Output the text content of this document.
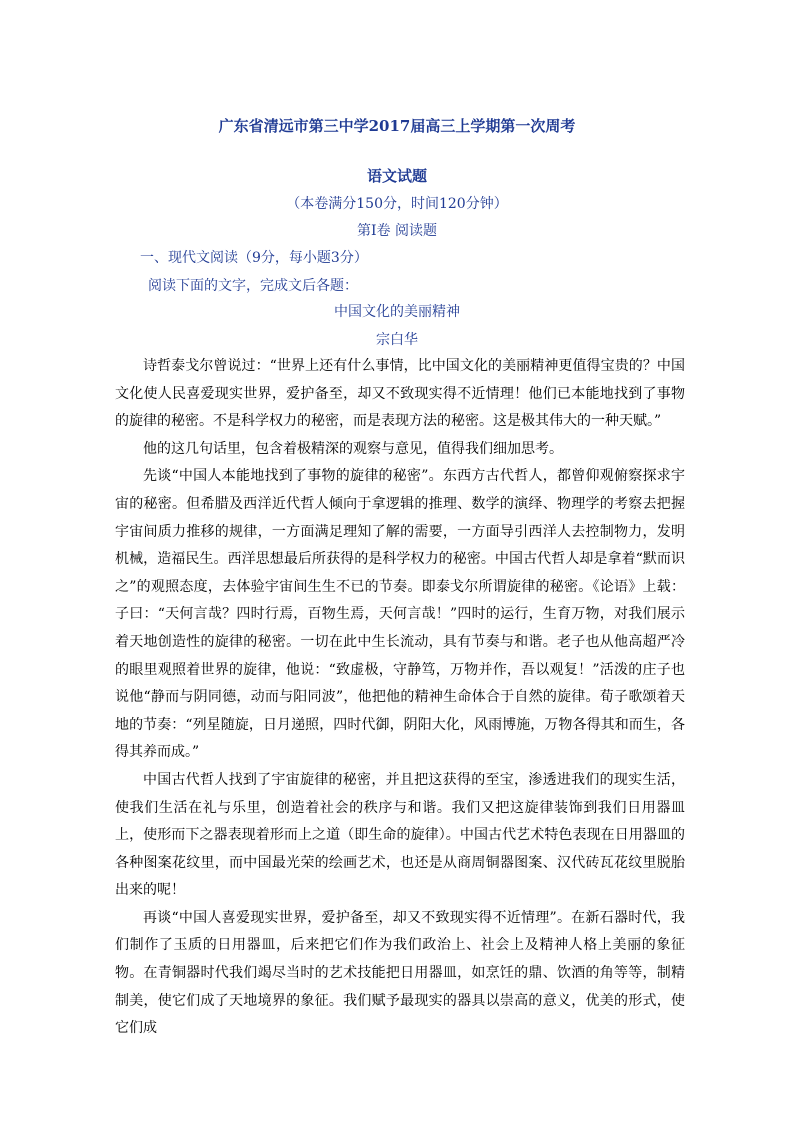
广东省清远市第三中学2017届高三上学期第一次周考
语文试题
（本卷满分150分，时间120分钟）
第Ⅰ卷 阅读题
一、现代文阅读（9分，每小题3分）
阅读下面的文字，完成文后各题：
中国文化的美丽精神
宗白华

诗哲泰戈尔曾说过：“世界上还有什么事情，比中国文化的美丽精神更值得宝贵的？中国文化使人民喜爱现实世界，爱护备至，却又不致现实得不近情理！他们已本能地找到了事物的旋律的秘密。不是科学权力的秘密，而是表现方法的秘密。这是极其伟大的一种天赋。”

他的这几句话里，包含着极精深的观察与意见，值得我们细加思考。

先谈“中国人本能地找到了事物的旋律的秘密”。东西方古代哲人，都曾仰观俯察探求宇宙的秘密。但希腊及西洋近代哲人倾向于拿逻辑的推理、数学的演绎、物理学的考察去把握宇宙间质力推移的规律，一方面满足理知了解的需要，一方面导引西洋人去控制物力，发明机械，造福民生。西洋思想最后所获得的是科学权力的秘密。中国古代哲人却是拿着“默而识之”的观照态度，去体验宇宙间生生不已的节奏。即泰戈尔所谓旋律的秘密。《论语》上载：子曰：“天何言哉？四时行焉，百物生焉，天何言哉！”四时的运行，生育万物，对我们展示着天地创造性的旋律的秘密。一切在此中生长流动，具有节奏与和谐。老子也从他高超严冷的眼里观照着世界的旋律，他说：“致虚极，守静笃，万物并作，吾以观复！”活泼的庄子也说他“静而与阴同德，动而与阳同波”，他把他的精神生命体合于自然的旋律。荀子歌颂着天地的节奏：“列星随旋，日月递照，四时代御，阴阳大化，风雨博施，万物各得其和而生，各得其养而成。”

中国古代哲人找到了宇宙旋律的秘密，并且把这获得的至宝，渗透进我们的现实生活，使我们生活在礼与乐里，创造着社会的秩序与和谐。我们又把这旋律装饰到我们日用器皿上，使形而下之器表现着形而上之道（即生命的旋律）。中国古代艺术特色表现在日用器皿的各种图案花纹里，而中国最光荣的绘画艺术，也还是从商周铜器图案、汉代砖瓦花纹里脱胎出来的呢！

再谈“中国人喜爱现实世界，爱护备至，却又不致现实得不近情理”。在新石器时代，我们制作了玉质的日用器皿，后来把它们作为我们政治上、社会上及精神人格上美丽的象征物。在青铜器时代我们竭尽当时的艺术技能把日用器皿，如烹饪的鼎、饮酒的角等等，制精制美，使它们成了天地境界的象征。我们赋予最现实的器具以崇高的意义，优美的形式，使它们成
